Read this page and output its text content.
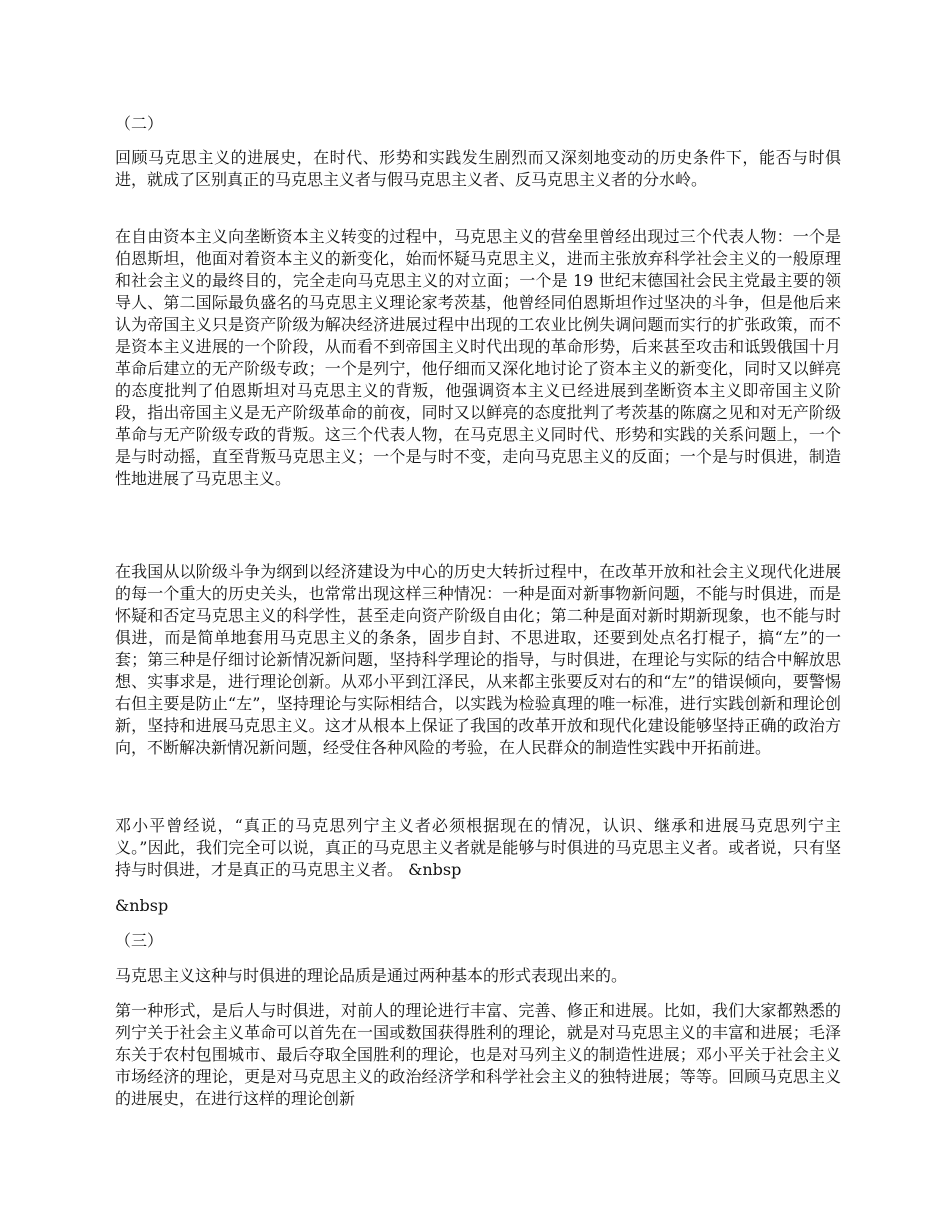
（二）

回顾马克思主义的进展史，在时代、形势和实践发生剧烈而又深刻地变动的历史条件下，能否与时俱进，就成了区别真正的马克思主义者与假马克思主义者、反马克思主义者的分水岭。

在自由资本主义向垄断资本主义转变的过程中，马克思主义的营垒里曾经出现过三个代表人物：一个是伯恩斯坦，他面对着资本主义的新变化，始而怀疑马克思主义，进而主张放弃科学社会主义的一般原理和社会主义的最终目的，完全走向马克思主义的对立面；一个是 19 世纪末德国社会民主党最主要的领导人、第二国际最负盛名的马克思主义理论家考茨基，他曾经同伯恩斯坦作过坚决的斗争，但是他后来认为帝国主义只是资产阶级为解决经济进展过程中出现的工农业比例失调问题而实行的扩张政策，而不是资本主义进展的一个阶段，从而看不到帝国主义时代出现的革命形势，后来甚至攻击和诋毁俄国十月革命后建立的无产阶级专政；一个是列宁，他仔细而又深化地讨论了资本主义的新变化，同时又以鲜亮的态度批判了伯恩斯坦对马克思主义的背叛，他强调资本主义已经进展到垄断资本主义即帝国主义阶段，指出帝国主义是无产阶级革命的前夜，同时又以鲜亮的态度批判了考茨基的陈腐之见和对无产阶级革命与无产阶级专政的背叛。这三个代表人物，在马克思主义同时代、形势和实践的关系问题上，一个是与时动摇，直至背叛马克思主义；一个是与时不变，走向马克思主义的反面；一个是与时俱进，制造性地进展了马克思主义。

在我国从以阶级斗争为纲到以经济建设为中心的历史大转折过程中，在改革开放和社会主义现代化进展的每一个重大的历史关头，也常常出现这样三种情况：一种是面对新事物新问题，不能与时俱进，而是怀疑和否定马克思主义的科学性，甚至走向资产阶级自由化；第二种是面对新时期新现象，也不能与时俱进，而是简单地套用马克思主义的条条，固步自封、不思进取，还要到处点名打棍子，搞“左”的一套；第三种是仔细讨论新情况新问题，坚持科学理论的指导，与时俱进，在理论与实际的结合中解放思想、实事求是，进行理论创新。从邓小平到江泽民，从来都主张要反对右的和“左”的错误倾向，要警惕右但主要是防止“左”，坚持理论与实际相结合，以实践为检验真理的唯一标准，进行实践创新和理论创新，坚持和进展马克思主义。这才从根本上保证了我国的改革开放和现代化建设能够坚持正确的政治方向，不断解决新情况新问题，经受住各种风险的考验，在人民群众的制造性实践中开拓前进。

邓小平曾经说，“真正的马克思列宁主义者必须根据现在的情况，认识、继承和进展马克思列宁主义。”因此，我们完全可以说，真正的马克思主义者就是能够与时俱进的马克思主义者。或者说，只有坚持与时俱进，才是真正的马克思主义者。 &nbsp

&nbsp

（三）

马克思主义这种与时俱进的理论品质是通过两种基本的形式表现出来的。

第一种形式，是后人与时俱进，对前人的理论进行丰富、完善、修正和进展。比如，我们大家都熟悉的列宁关于社会主义革命可以首先在一国或数国获得胜利的理论，就是对马克思主义的丰富和进展；毛泽东关于农村包围城市、最后夺取全国胜利的理论，也是对马列主义的制造性进展；邓小平关于社会主义市场经济的理论，更是对马克思主义的政治经济学和科学社会主义的独特进展；等等。回顾马克思主义的进展史，在进行这样的理论创新
